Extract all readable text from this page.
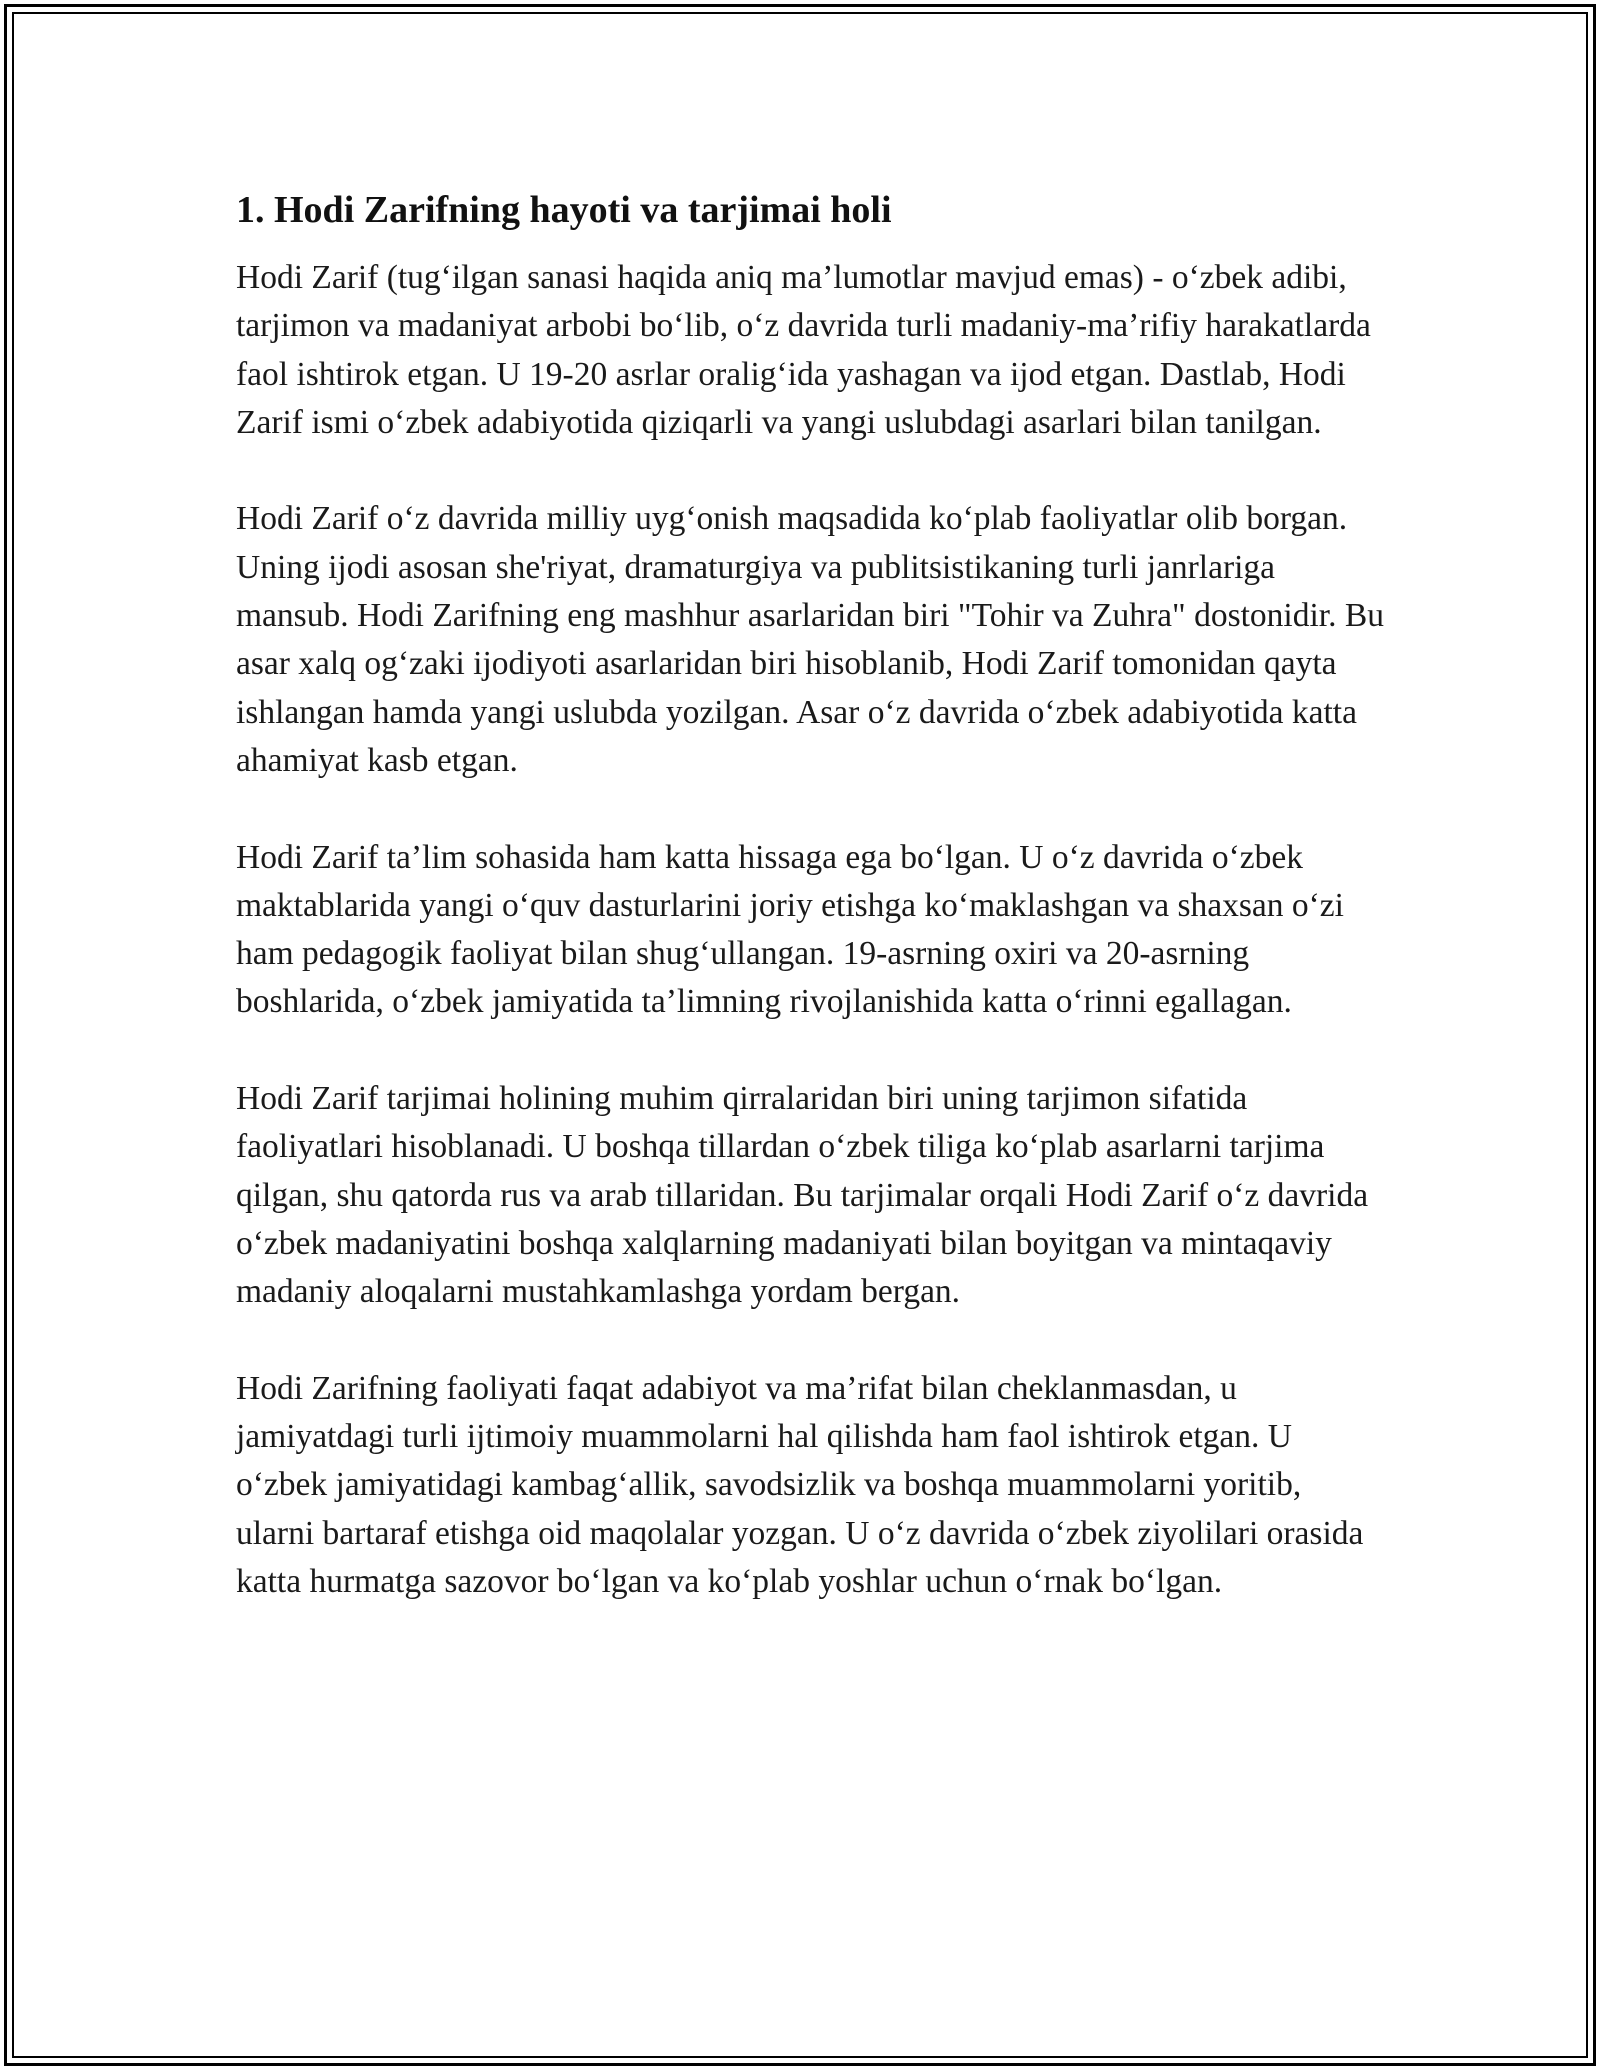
1. Hodi Zarifning hayoti va tarjimai holi

Hodi Zarif (tug‘ilgan sanasi haqida aniq ma’lumotlar mavjud emas) - o‘zbek adibi, tarjimon va madaniyat arbobi bo‘lib, o‘z davrida turli madaniy-ma’rifiy harakatlarda faol ishtirok etgan. U 19-20 asrlar oralig‘ida yashagan va ijod etgan. Dastlab, Hodi Zarif ismi o‘zbek adabiyotida qiziqarli va yangi uslubdagi asarlari bilan tanilgan.

Hodi Zarif o‘z davrida milliy uyg‘onish maqsadida ko‘plab faoliyatlar olib borgan. Uning ijodi asosan she'riyat, dramaturgiya va publitsistikaning turli janrlariga mansub. Hodi Zarifning eng mashhur asarlaridan biri "Tohir va Zuhra" dostonidir. Bu asar xalq og‘zaki ijodiyoti asarlaridan biri hisoblanib, Hodi Zarif tomonidan qayta ishlangan hamda yangi uslubda yozilgan. Asar o‘z davrida o‘zbek adabiyotida katta ahamiyat kasb etgan.

Hodi Zarif ta’lim sohasida ham katta hissaga ega bo‘lgan. U o‘z davrida o‘zbek maktablarida yangi o‘quv dasturlarini joriy etishga ko‘maklashgan va shaxsan o‘zi ham pedagogik faoliyat bilan shug‘ullangan. 19-asrning oxiri va 20-asrning boshlarida, o‘zbek jamiyatida ta’limning rivojlanishida katta o‘rinni egallagan.

Hodi Zarif tarjimai holining muhim qirralaridan biri uning tarjimon sifatida faoliyatlari hisoblanadi. U boshqa tillardan o‘zbek tiliga ko‘plab asarlarni tarjima qilgan, shu qatorda rus va arab tillaridan. Bu tarjimalar orqali Hodi Zarif o‘z davrida o‘zbek madaniyatini boshqa xalqlarning madaniyati bilan boyitgan va mintaqaviy madaniy aloqalarni mustahkamlashga yordam bergan.

Hodi Zarifning faoliyati faqat adabiyot va ma’rifat bilan cheklanmasdan, u jamiyatdagi turli ijtimoiy muammolarni hal qilishda ham faol ishtirok etgan. U o‘zbek jamiyatidagi kambag‘allik, savodsizlik va boshqa muammolarni yoritib, ularni bartaraf etishga oid maqolalar yozgan. U o‘z davrida o‘zbek ziyolilari orasida katta hurmatga sazovor bo‘lgan va ko‘plab yoshlar uchun o‘rnak bo‘lgan.
